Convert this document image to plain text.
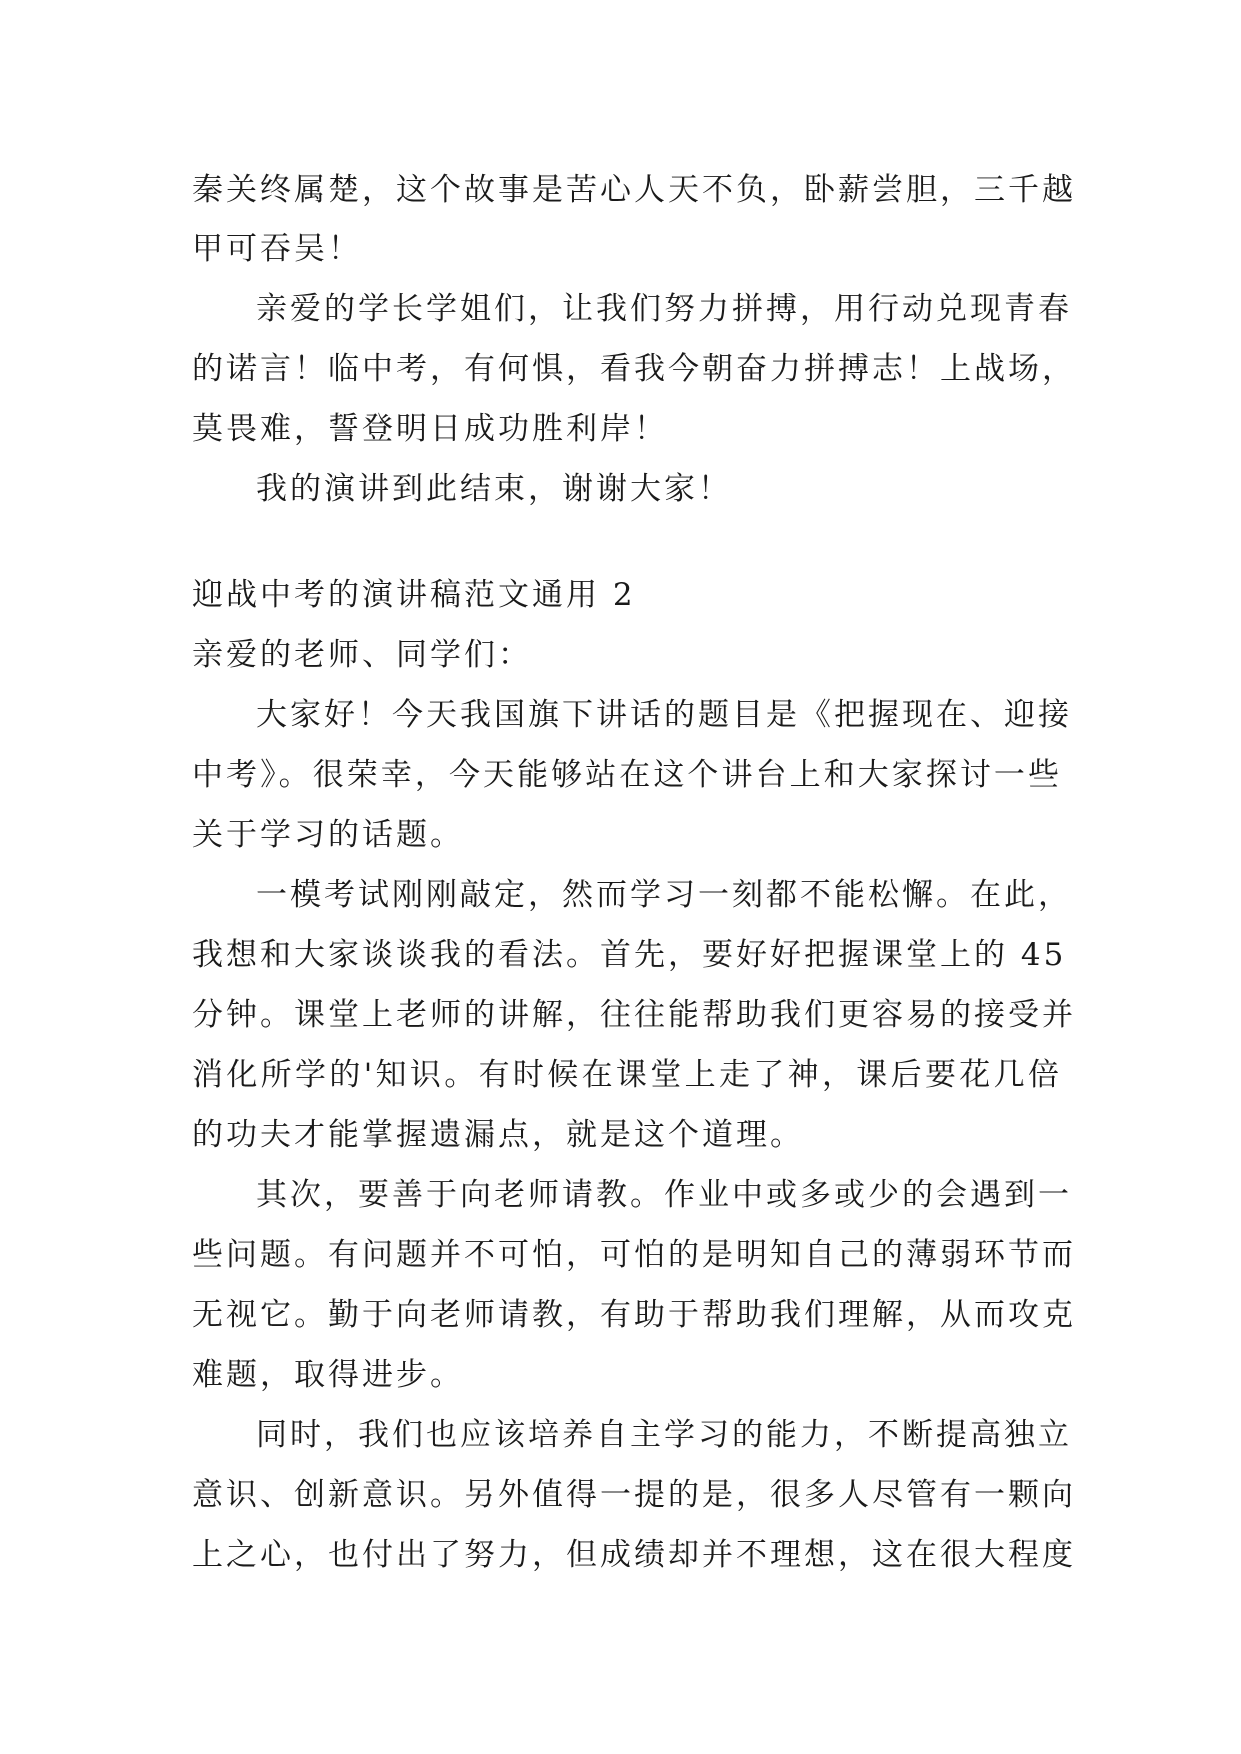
秦关终属楚，这个故事是苦心人天不负，卧薪尝胆，三千越
甲可吞吴！
亲爱的学长学姐们，让我们努力拼搏，用行动兑现青春
的诺言！临中考，有何惧，看我今朝奋力拼搏志！上战场，
莫畏难，誓登明日成功胜利岸！
我的演讲到此结束，谢谢大家！
迎战中考的演讲稿范文通用 2
亲爱的老师、同学们：
大家好！今天我国旗下讲话的题目是《把握现在、迎接
中考》。很荣幸，今天能够站在这个讲台上和大家探讨一些
关于学习的话题。
一模考试刚刚敲定，然而学习一刻都不能松懈。在此，
我想和大家谈谈我的看法。首先，要好好把握课堂上的 45
分钟。课堂上老师的讲解，往往能帮助我们更容易的接受并
消化所学的'知识。有时候在课堂上走了神，课后要花几倍
的功夫才能掌握遗漏点，就是这个道理。
其次，要善于向老师请教。作业中或多或少的会遇到一
些问题。有问题并不可怕，可怕的是明知自己的薄弱环节而
无视它。勤于向老师请教，有助于帮助我们理解，从而攻克
难题，取得进步。
同时，我们也应该培养自主学习的能力，不断提高独立
意识、创新意识。另外值得一提的是，很多人尽管有一颗向
上之心，也付出了努力，但成绩却并不理想，这在很大程度
